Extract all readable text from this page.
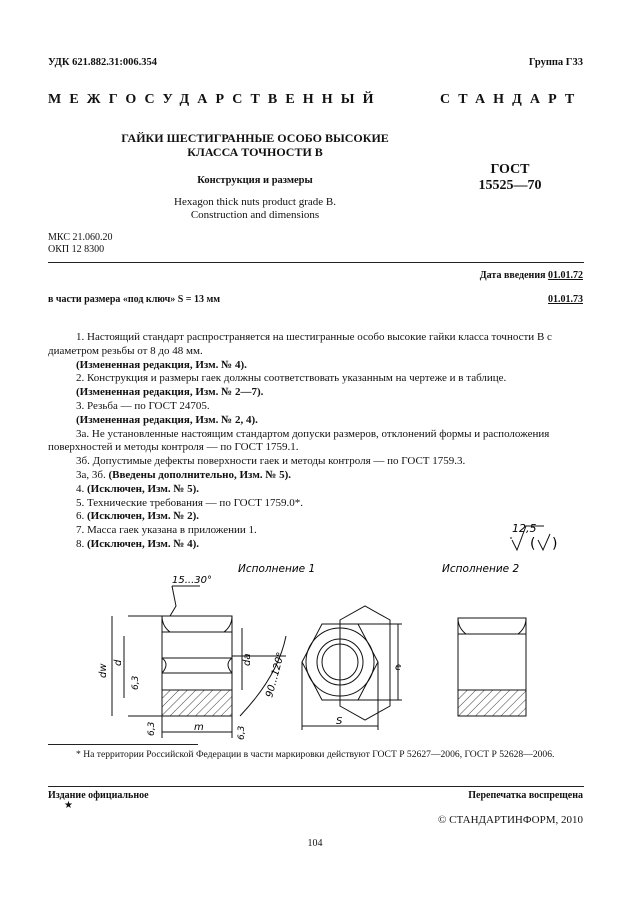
УДК 621.882.31:006.354	Группа Г33
МЕЖГОСУДАРСТВЕННЫЙ	СТАНДАРТ
ГАЙКИ ШЕСТИГРАННЫЕ ОСОБО ВЫСОКИЕ
КЛАССА ТОЧНОСТИ В
Конструкция и размеры
Hexagon thick nuts product grade B.
Construction and dimensions
ГОСТ
15525—70
МКС 21.060.20
ОКП 12 8300
Дата введения 01.01.72
в части размера «под ключ» S = 13 мм	01.01.73

1. Настоящий стандарт распространяется на шестигранные особо высокие гайки класса точности В с диаметром резьбы от 8 до 48 мм.

(Измененная редакция, Изм. № 4).

2. Конструкция и размеры гаек должны соответствовать указанным на чертеже и в таблице.

(Измененная редакция, Изм. № 2—7).

3. Резьба — по ГОСТ 24705.

(Измененная редакция, Изм. № 2, 4).

3а. Не установленные настоящим стандартом допуски размеров, отклонений формы и расположения поверхностей и методы контроля — по ГОСТ 1759.1.

3б. Допустимые дефекты поверхности гаек и методы контроля — по ГОСТ 1759.3.

3а, 3б. (Введены дополнительно, Изм. № 5).

4. (Исключен, Изм. № 5).

5. Технические требования — по ГОСТ 1759.0*.

6. (Исключен, Изм. № 2).

7. Масса гаек указана в приложении 1.

8. (Исключен, Изм. № 4).

12,5
( )
Исполнение 1	Исполнение 2
15...30°
dw
d
6,3
da 90...120°
6,3	6,3
m
e
S
* На территории Российской Федерации в части маркировки действуют ГОСТ Р 52627—2006, ГОСТ Р 52628—2006.
Издание официальное
★
Перепечатка воспрещена
© СТАНДАРТИНФОРМ, 2010
104
